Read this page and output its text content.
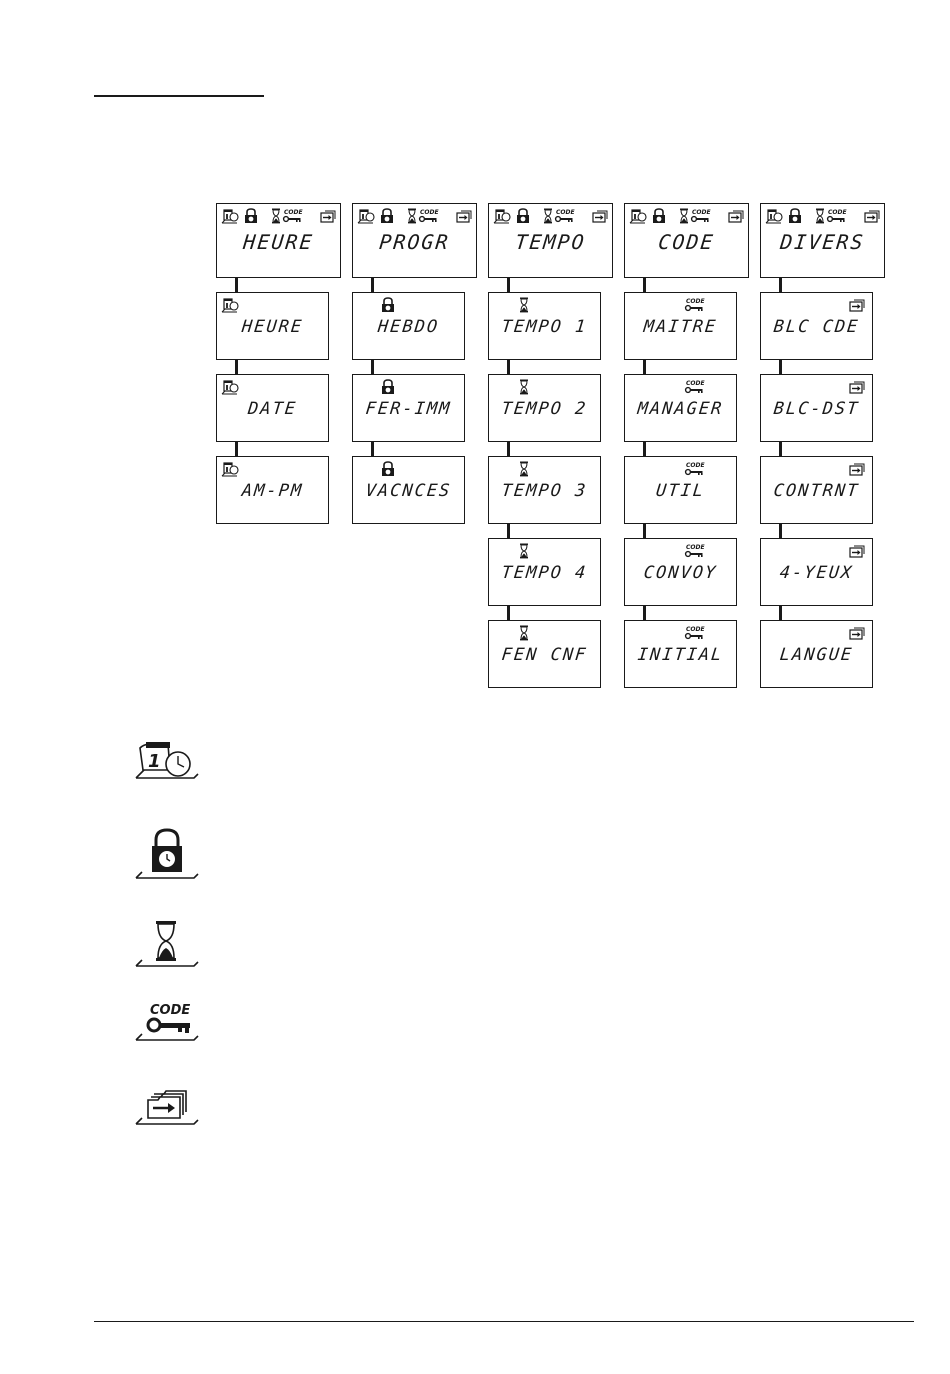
CODE
HEURE
HEURE
DATE
AM-PM
CODE
PROGR
HEBDO
FER-IMM
VACNCES
CODE
TEMPO
TEMPO 1
TEMPO 2
TEMPO 3
TEMPO 4
FEN CNF
CODE
CODE
CODE
MAITRE
CODE
MANAGER
CODE
UTIL
CODE
CONVOY
CODE
INITIAL
CODE
DIVERS
BLC CDE
BLC-DST
CONTRNT
4-YEUX
LANGUE
1
CODE
